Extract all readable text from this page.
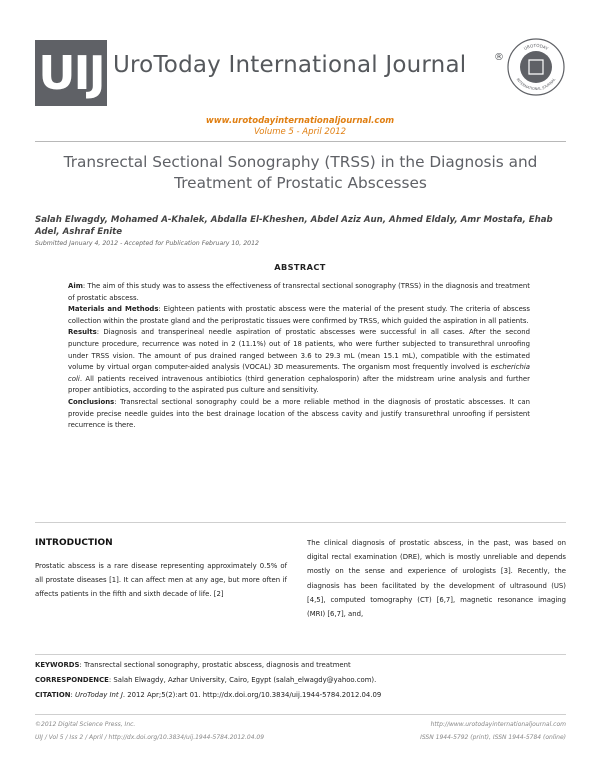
UIJ UroToday International Journal	®
UROTODAY
INTERNATIONAL JOURNAL
www.urotodayinternationaljournal.com
Volume 5 - April 2012
Transrectal Sectional Sonography (TRSS) in the Diagnosis and
Treatment of Prostatic Abscesses
Salah Elwagdy, Mohamed A-Khalek, Abdalla El-Kheshen, Abdel Aziz Aun, Ahmed Eldaly, Amr Mostafa, Ehab Adel, Ashraf Enite
Submitted January 4, 2012 - Accepted for Publication February 10, 2012
ABSTRACT

Aim: The aim of this study was to assess the effectiveness of transrectal sectional sonography (TRSS) in the diagnosis and treatment of prostatic abscess.

Materials and Methods: Eighteen patients with prostatic abscess were the material of the present study. The criteria of abscess collection within the prostate gland and the periprostatic tissues were confirmed by TRSS, which guided the aspiration in all patients.

Results: Diagnosis and transperineal needle aspiration of prostatic abscesses were successful in all cases. After the second puncture procedure, recurrence was noted in 2 (11.1%) out of 18 patients, who were further subjected to transurethral unroofing under TRSS vision. The amount of pus drained ranged between 3.6 to 29.3 mL (mean 15.1 mL), compatible with the estimated volume by virtual organ computer-aided analysis (VOCAL) 3D measurements. The organism most frequently involved is escherichia coli. All patients received intravenous antibiotics (third generation cephalosporin) after the midstream urine analysis and further proper antibiotics, according to the aspirated pus culture and sensitivity.

Conclusions: Transrectal sectional sonography could be a more reliable method in the diagnosis of prostatic abscesses. It can provide precise needle guides into the best drainage location of the abscess cavity and justify transurethral unroofing if persistent recurrence is there.

INTRODUCTION

Prostatic abscess is a rare disease representing approximately 0.5% of all prostate diseases [1]. It can affect men at any age, but more often if affects patients in the fifth and sixth decade of life. [2]

The clinical diagnosis of prostatic abscess, in the past, was based on digital rectal examination (DRE), which is mostly unreliable and depends mostly on the sense and experience of urologists [3]. Recently, the diagnosis has been facilitated by the development of ultrasound (US) [4,5], computed tomography (CT) [6,7], magnetic resonance imaging (MRI) [6,7], and,

KEYWORDS: Transrectal sectional sonography, prostatic abscess, diagnosis and treatment
CORRESPONDENCE: Salah Elwagdy, Azhar University, Cairo, Egypt (salah_elwagdy@yahoo.com).
CITATION: UroToday Int J. 2012 Apr;5(2):art 01. http://dx.doi.org/10.3834/uij.1944-5784.2012.04.09
©2012 Digital Science Press, Inc.
UIJ / Vol 5 / Iss 2 / April / http://dx.doi.org/10.3834/uij.1944-5784.2012.04.09
http://www.urotodayinternationaljournal.com
ISSN 1944-5792 (print), ISSN 1944-5784 (online)
